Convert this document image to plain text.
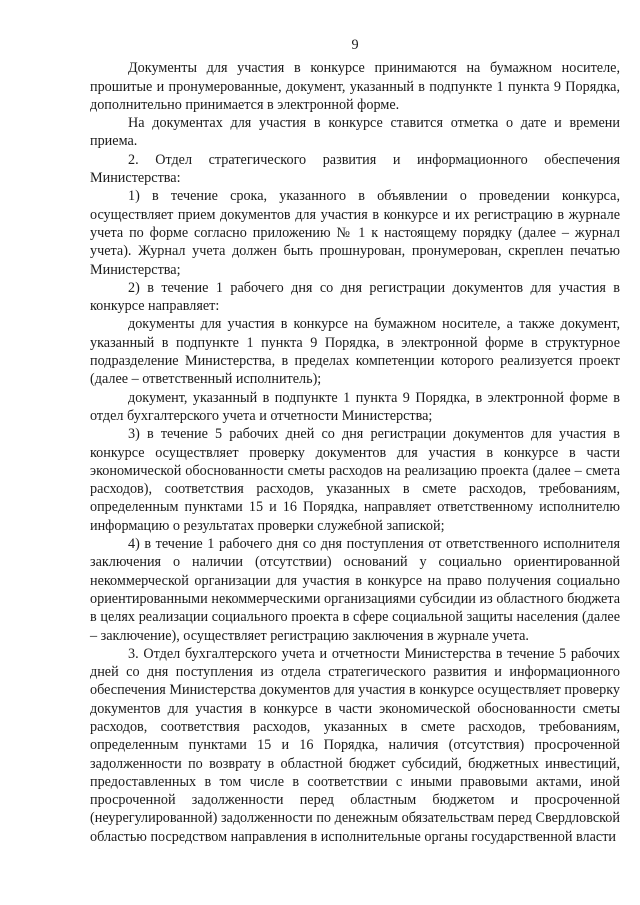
9

Документы для участия в конкурсе принимаются на бумажном носителе, прошитые и пронумерованные, документ, указанный в подпункте 1 пункта 9 Порядка, дополнительно принимается в электронной форме.

На документах для участия в конкурсе ставится отметка о дате и времени приема.

2. Отдел стратегического развития и информационного обеспечения Министерства:

1) в течение срока, указанного в объявлении о проведении конкурса, осуществляет прием документов для участия в конкурсе и их регистрацию в журнале учета по форме согласно приложению № 1 к настоящему порядку (далее – журнал учета). Журнал учета должен быть прошнурован, пронумерован, скреплен печатью Министерства;

2) в течение 1 рабочего дня со дня регистрации документов для участия в конкурсе направляет:

документы для участия в конкурсе на бумажном носителе, а также документ, указанный в подпункте 1 пункта 9 Порядка, в электронной форме в структурное подразделение Министерства, в пределах компетенции которого реализуется проект (далее – ответственный исполнитель);

документ, указанный в подпункте 1 пункта 9 Порядка, в электронной форме в отдел бухгалтерского учета и отчетности Министерства;

3) в течение 5 рабочих дней со дня регистрации документов для участия в конкурсе осуществляет проверку документов для участия в конкурсе в части экономической обоснованности сметы расходов на реализацию проекта (далее – смета расходов), соответствия расходов, указанных в смете расходов, требованиям, определенным пунктами 15 и 16 Порядка, направляет ответственному исполнителю информацию о результатах проверки служебной запиской;

4) в течение 1 рабочего дня со дня поступления от ответственного исполнителя заключения о наличии (отсутствии) оснований у социально ориентированной некоммерческой организации для участия в конкурсе на право получения социально ориентированными некоммерческими организациями субсидии из областного бюджета в целях реализации социального проекта в сфере социальной защиты населения (далее – заключение), осуществляет регистрацию заключения в журнале учета.

3. Отдел бухгалтерского учета и отчетности Министерства в течение 5 рабочих дней со дня поступления из отдела стратегического развития и информационного обеспечения Министерства документов для участия в конкурсе осуществляет проверку документов для участия в конкурсе в части экономической обоснованности сметы расходов, соответствия расходов, указанных в смете расходов, требованиям, определенным пунктами 15 и 16 Порядка, наличия (отсутствия) просроченной задолженности по возврату в областной бюджет субсидий, бюджетных инвестиций, предоставленных в том числе в соответствии с иными правовыми актами, иной просроченной задолженности перед областным бюджетом и просроченной (неурегулированной) задолженности по денежным обязательствам перед Свердловской областью посредством направления в исполнительные органы государственной власти
